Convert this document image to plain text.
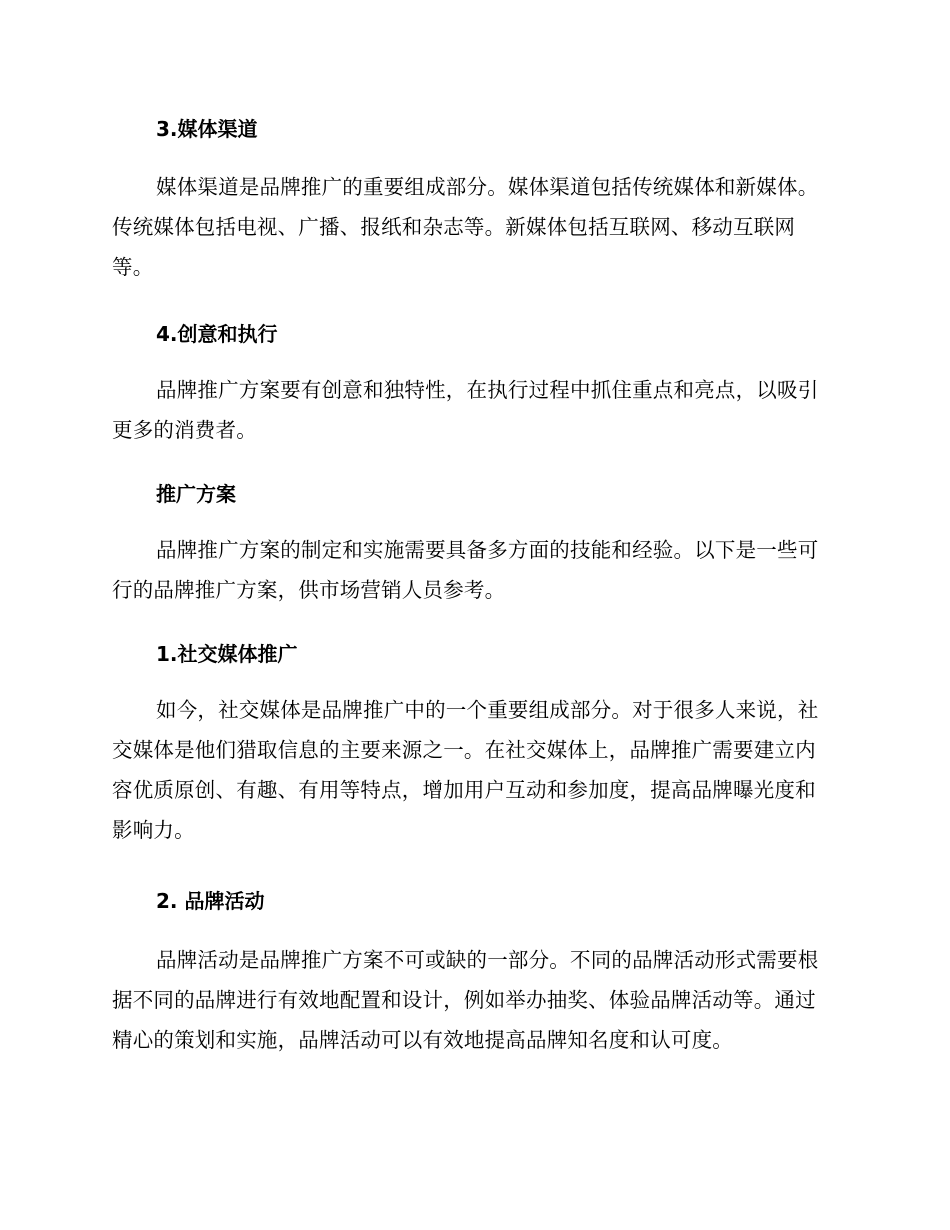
3.媒体渠道
媒体渠道是品牌推广的重要组成部分。媒体渠道包括传统媒体和新媒体。传统媒体包括电视、广播、报纸和杂志等。新媒体包括互联网、移动互联网等。
4.创意和执行
品牌推广方案要有创意和独特性，在执行过程中抓住重点和亮点，以吸引更多的消费者。
推广方案
品牌推广方案的制定和实施需要具备多方面的技能和经验。以下是一些可行的品牌推广方案，供市场营销人员参考。
1.社交媒体推广
如今，社交媒体是品牌推广中的一个重要组成部分。对于很多人来说，社交媒体是他们猎取信息的主要来源之一。在社交媒体上，品牌推广需要建立内容优质原创、有趣、有用等特点，增加用户互动和参加度，提高品牌曝光度和影响力。
2. 品牌活动
品牌活动是品牌推广方案不可或缺的一部分。不同的品牌活动形式需要根据不同的品牌进行有效地配置和设计，例如举办抽奖、体验品牌活动等。通过精心的策划和实施，品牌活动可以有效地提高品牌知名度和认可度。
